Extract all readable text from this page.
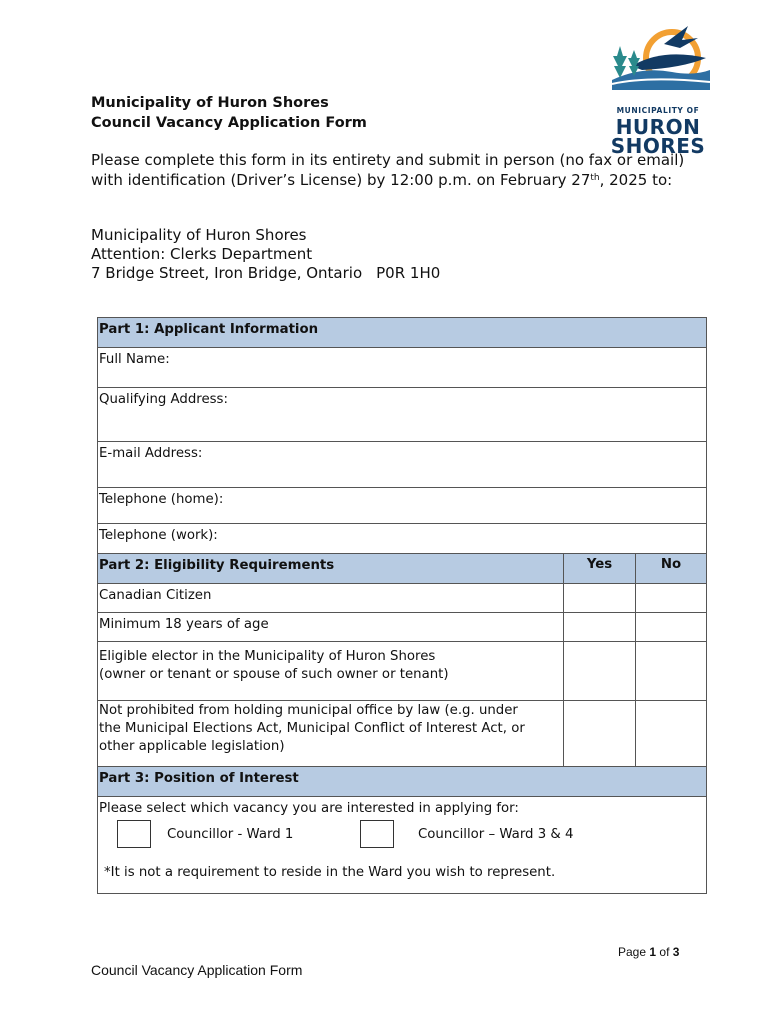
MUNICIPALITY OF
HURON
SHORES
Municipality of Huron Shores
Council Vacancy Application Form
Please complete this form in its entirety and submit in person (no fax or email) with identification (Driver’s License) by 12:00 p.m. on February 27th, 2025 to:
Municipality of Huron Shores
Attention: Clerks Department
7 Bridge Street, Iron Bridge, Ontario P0R 1H0
Part 1: Applicant Information
Full Name:
Qualifying Address:
E-mail Address:
Telephone (home):
Telephone (work):
Part 2: Eligibility Requirements	Yes	No
Canadian Citizen
Minimum 18 years of age
Eligible elector in the Municipality of Huron Shores
(owner or tenant or spouse of such owner or tenant)
Not prohibited from holding municipal office by law (e.g. under
the Municipal Elections Act, Municipal Conflict of Interest Act, or
other applicable legislation)
Part 3: Position of Interest
Please select which vacancy you are interested in applying for:
Councillor - Ward 1	Councillor – Ward 3 & 4
*It is not a requirement to reside in the Ward you wish to represent.
Page 1 of 3
Council Vacancy Application Form
